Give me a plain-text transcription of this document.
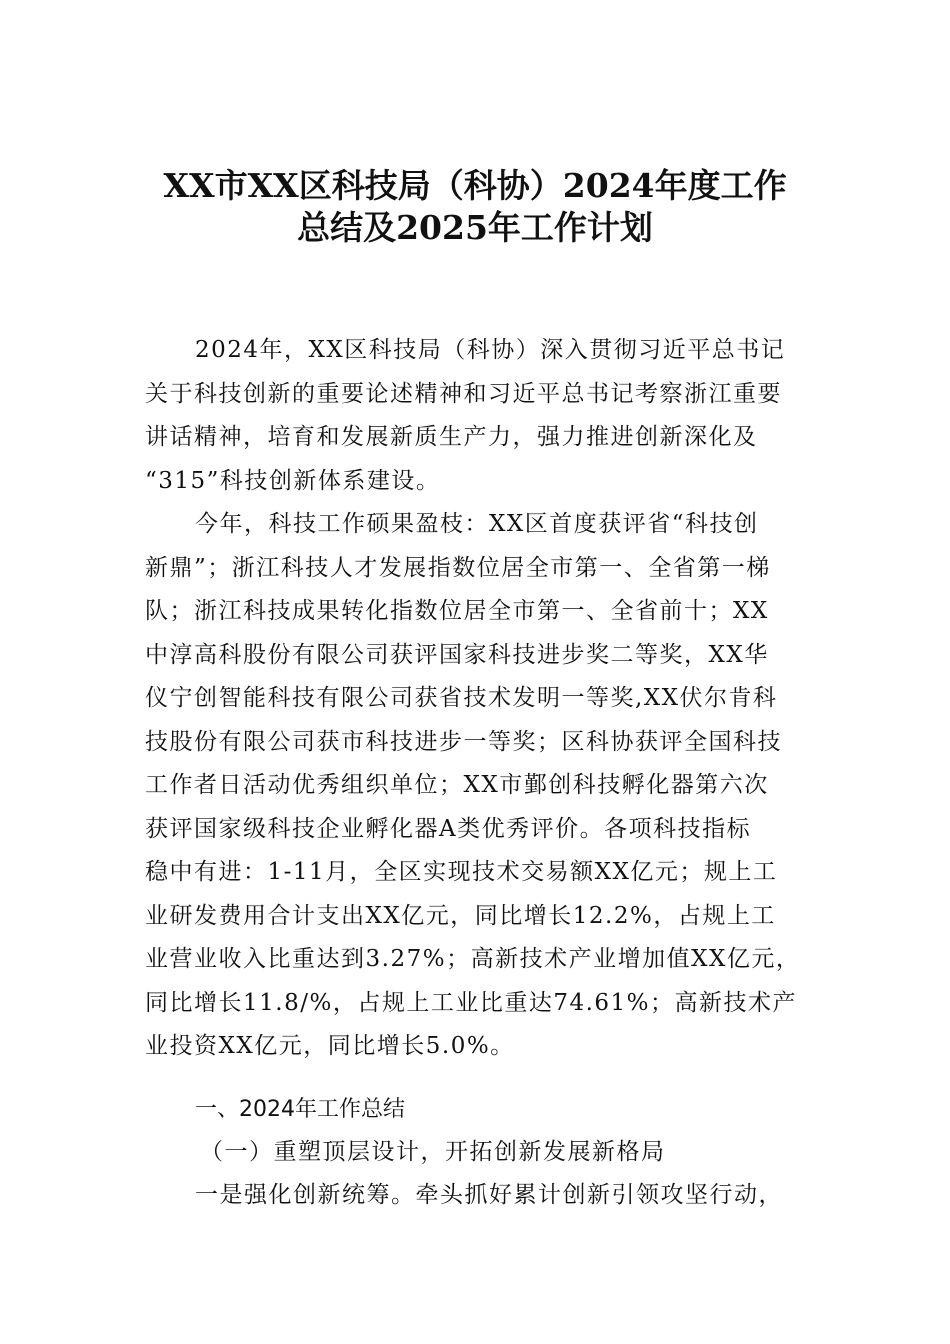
XX市XX区科技局（科协）2024年度工作
总结及2025年工作计划
2024年，XX区科技局（科协）深入贯彻习近平总书记
关于科技创新的重要论述精神和习近平总书记考察浙江重要
讲话精神，培育和发展新质生产力，强力推进创新深化及
“315”科技创新体系建设。
今年，科技工作硕果盈枝：XX区首度获评省“科技创
新鼎”；浙江科技人才发展指数位居全市第一、全省第一梯
队；浙江科技成果转化指数位居全市第一、全省前十；XX
中淳高科股份有限公司获评国家科技进步奖二等奖，XX华
仪宁创智能科技有限公司获省技术发明一等奖,XX伏尔肯科
技股份有限公司获市科技进步一等奖；区科协获评全国科技
工作者日活动优秀组织单位；XX市鄞创科技孵化器第六次
获评国家级科技企业孵化器A类优秀评价。各项科技指标
稳中有进：1-11月，全区实现技术交易额XX亿元；规上工
业研发费用合计支出XX亿元，同比增长12.2%，占规上工
业营业收入比重达到3.27%；高新技术产业增加值XX亿元，
同比增长11.8/%，占规上工业比重达74.61%；高新技术产
业投资XX亿元，同比增长5.0%。
一、2024年工作总结
（一）重塑顶层设计，开拓创新发展新格局
一是强化创新统筹。牵头抓好累计创新引领攻坚行动，
